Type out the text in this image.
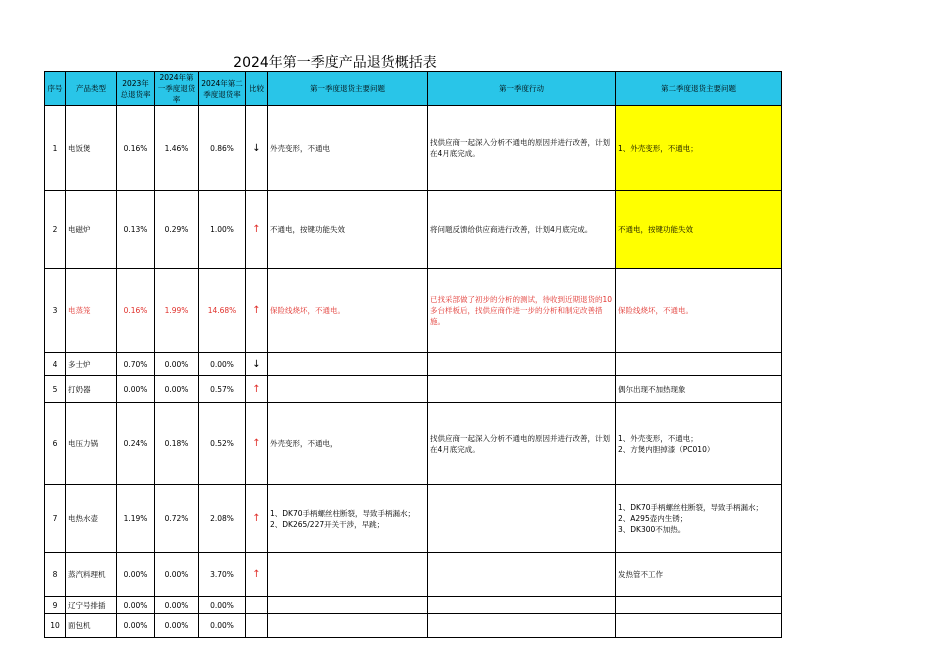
2024年第一季度产品退货概括表
序号	产品类型	2023年总退货率	2024年第一季度退货率	2024年第二季度退货率	比较	第一季度退货主要问题	第一季度行动	第二季度退货主要问题
1	电饭煲	0.16%	1.46%	0.86%	↓	外壳变形，不通电	找供应商一起深入分析不通电的原因并进行改善，计划在4月底完成。	1、外壳变形，不通电；
2	电磁炉	0.13%	0.29%	1.00%	↑	不通电，按键功能失效	将问题反馈给供应商进行改善，计划4月底完成。	不通电，按键功能失效
3	电蒸笼	0.16%	1.99%	14.68%	↑	保险线烧坏，不通电。	已找采部做了初步的分析的测试，待收到近期退货的10多台样板后，找供应商作进一步的分析和制定改善措施。	保险线烧坏，不通电。
4	多士炉	0.70%	0.00%	0.00%	↓			
5	打奶器	0.00%	0.00%	0.57%	↑			偶尔出现不加热现象
6	电压力锅	0.24%	0.18%	0.52%	↑	外壳变形，不通电，	找供应商一起深入分析不通电的原因并进行改善，计划在4月底完成。	1、外壳变形，不通电；
2、方煲内胆掉漆（PC010）
7	电热水壶	1.19%	0.72%	2.08%	↑	1、DK70手柄螺丝柱断裂，导致手柄漏水；
2、DK265/227开关干涉，早跳；		1、DK70手柄螺丝柱断裂，导致手柄漏水；
2、A295壶内生锈；
3、DK300不加热。
8	蒸汽料理机	0.00%	0.00%	3.70%	↑			发热管不工作
9	辽宁号排插	0.00%	0.00%	0.00%				
10	面包机	0.00%	0.00%	0.00%				
